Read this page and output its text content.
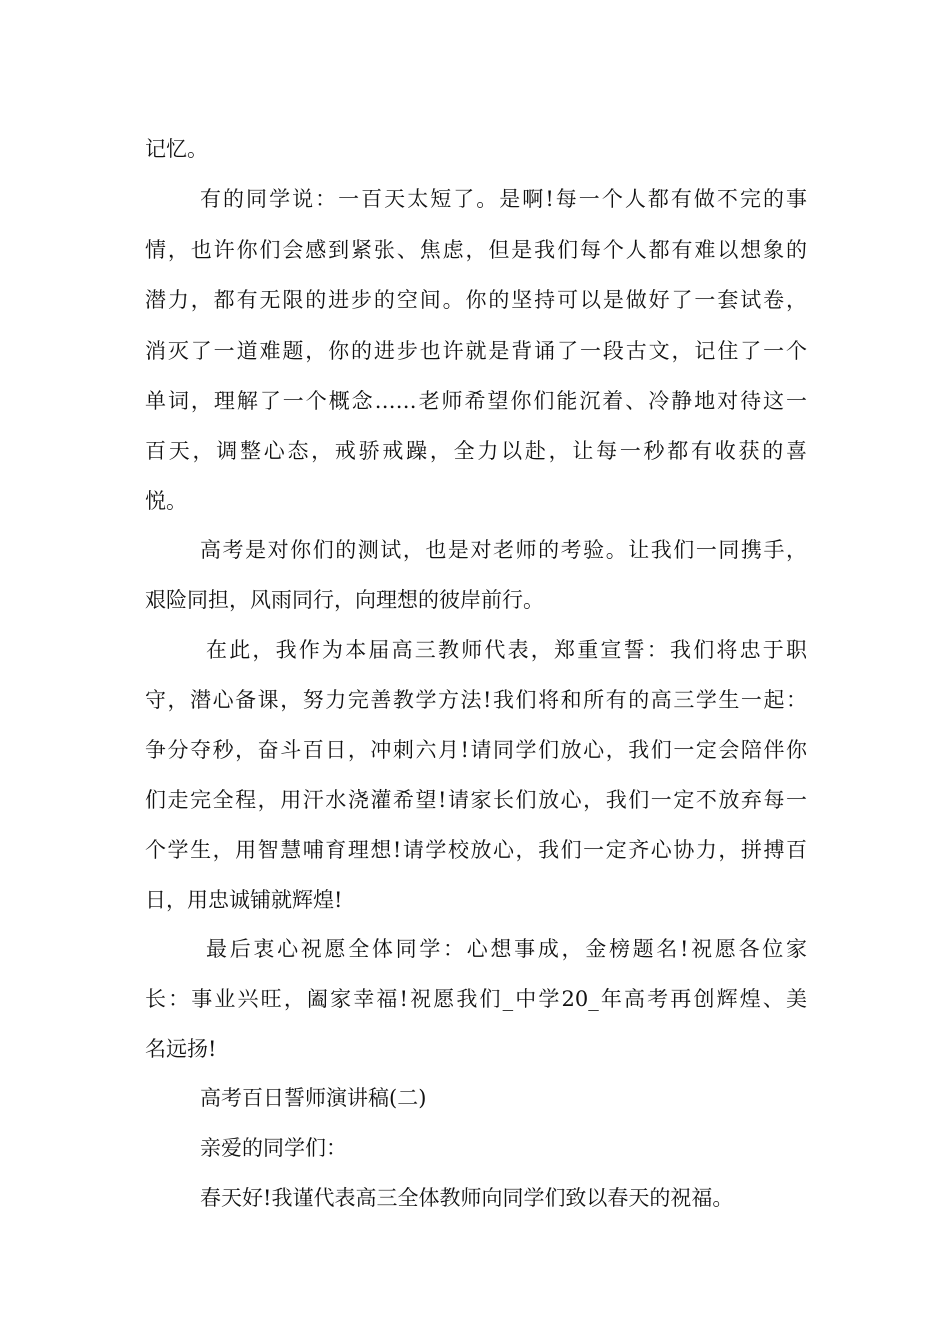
记忆。

有的同学说：一百天太短了。是啊!每一个人都有做不完的事

情，也许你们会感到紧张、焦虑，但是我们每个人都有难以想象的

潜力，都有无限的进步的空间。你的坚持可以是做好了一套试卷，

消灭了一道难题，你的进步也许就是背诵了一段古文，记住了一个

单词，理解了一个概念……老师希望你们能沉着、冷静地对待这一

百天，调整心态，戒骄戒躁，全力以赴，让每一秒都有收获的喜

悦。

高考是对你们的测试，也是对老师的考验。让我们一同携手，

艰险同担，风雨同行，向理想的彼岸前行。

在此，我作为本届高三教师代表，郑重宣誓：我们将忠于职

守，潜心备课，努力完善教学方法!我们将和所有的高三学生一起：

争分夺秒，奋斗百日，冲刺六月!请同学们放心，我们一定会陪伴你

们走完全程，用汗水浇灌希望!请家长们放心，我们一定不放弃每一

个学生，用智慧哺育理想!请学校放心，我们一定齐心协力，拼搏百

日，用忠诚铺就辉煌!

最后衷心祝愿全体同学：心想事成，金榜题名!祝愿各位家

长：事业兴旺，阖家幸福!祝愿我们_中学20_年高考再创辉煌、美

名远扬!

高考百日誓师演讲稿(二)

亲爱的同学们：

春天好!我谨代表高三全体教师向同学们致以春天的祝福。
